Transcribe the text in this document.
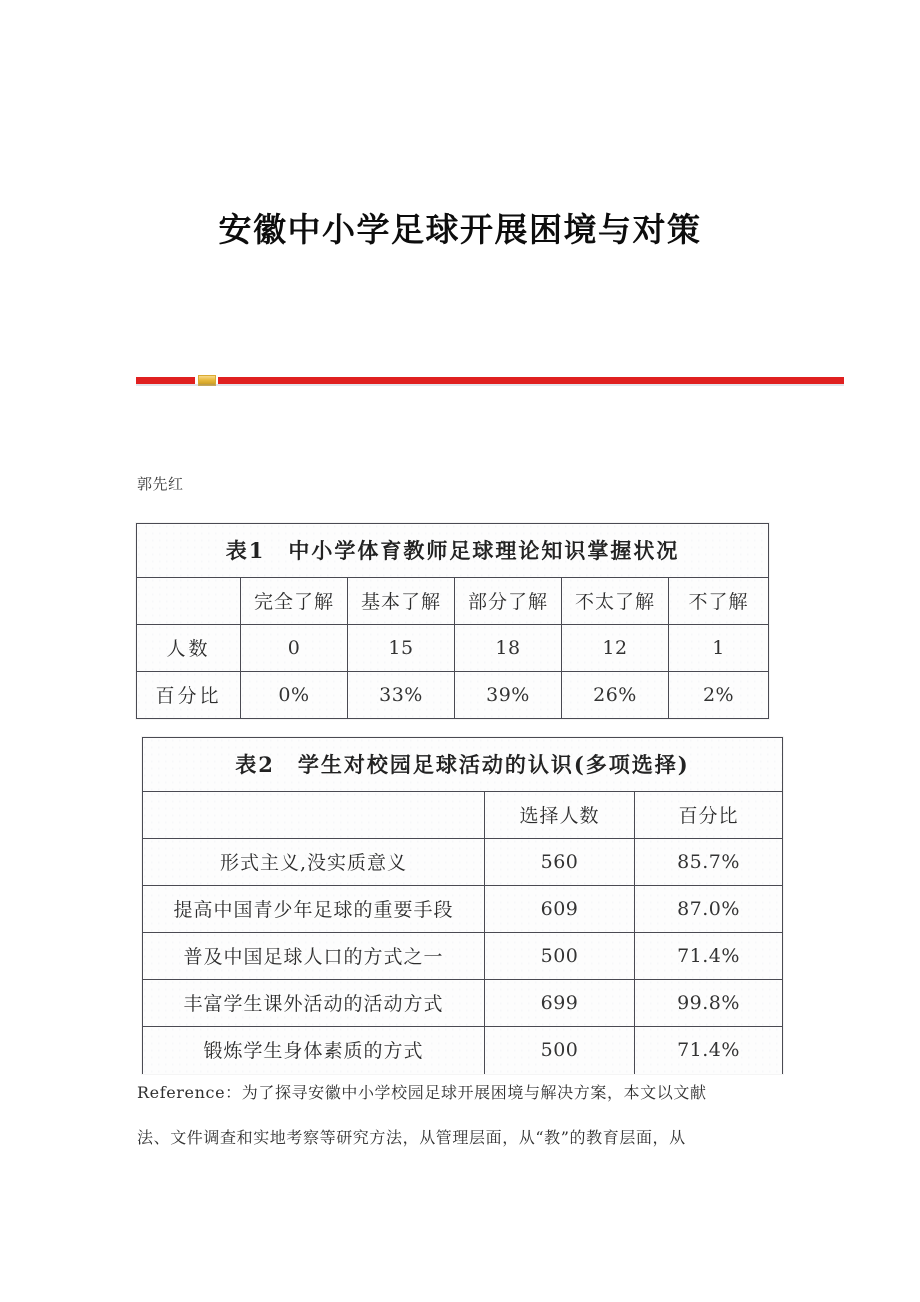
安徽中小学足球开展困境与对策
郭先红
表1　中小学体育教师足球理论知识掌握状况					
	完全了解	基本了解	部分了解	不太了解	不了解
人数	0	15	18	12	1
百分比	0%	33%	39%	26%	2%
表2　学生对校园足球活动的认识(多项选择)		
	选择人数	百分比
形式主义,没实质意义	560	85.7%
提高中国青少年足球的重要手段	609	87.0%
普及中国足球人口的方式之一	500	71.4%
丰富学生课外活动的活动方式	699	99.8%
锻炼学生身体素质的方式	500	71.4%

Reference：为了探寻安徽中小学校园足球开展困境与解决方案，本文以文献

法、文件调查和实地考察等研究方法，从管理层面，从“教”的教育层面，从
